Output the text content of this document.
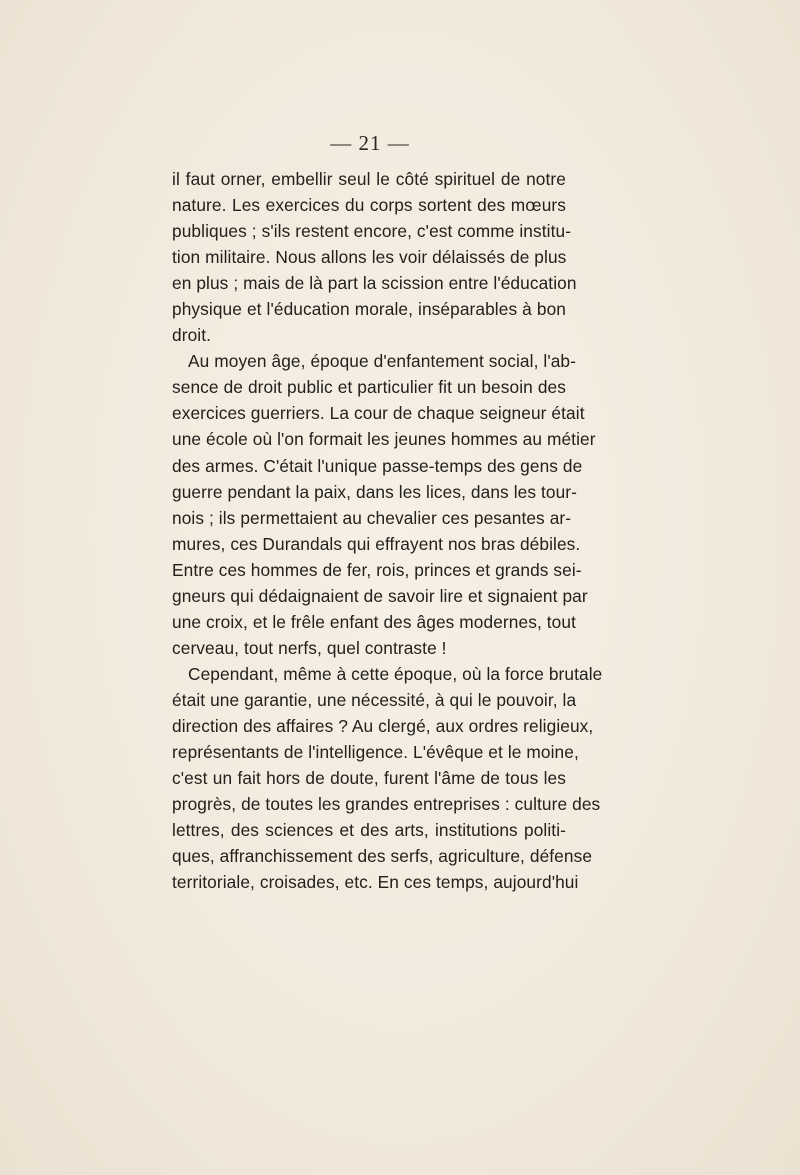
— 21 —
il faut orner, embellir seul le côté spirituel de notre
nature. Les exercices du corps sortent des mœurs
publiques ; s'ils restent encore, c'est comme institu-
tion militaire. Nous allons les voir délaissés de plus
en plus ; mais de là part la scission entre l'éducation
physique et l'éducation morale, inséparables à bon
droit.
Au moyen âge, époque d'enfantement social, l'ab-
sence de droit public et particulier fit un besoin des
exercices guerriers. La cour de chaque seigneur était
une école où l'on formait les jeunes hommes au métier
des armes. C'était l'unique passe-temps des gens de
guerre pendant la paix, dans les lices, dans les tour-
nois ; ils permettaient au chevalier ces pesantes ar-
mures, ces Durandals qui effrayent nos bras débiles.
Entre ces hommes de fer, rois, princes et grands sei-
gneurs qui dédaignaient de savoir lire et signaient par
une croix, et le frêle enfant des âges modernes, tout
cerveau, tout nerfs, quel contraste !
Cependant, même à cette époque, où la force brutale
était une garantie, une nécessité, à qui le pouvoir, la
direction des affaires ? Au clergé, aux ordres religieux,
représentants de l'intelligence. L'évêque et le moine,
c'est un fait hors de doute, furent l'âme de tous les
progrès, de toutes les grandes entreprises : culture des
lettres, des sciences et des arts, institutions politi-
ques, affranchissement des serfs, agriculture, défense
territoriale, croisades, etc. En ces temps, aujourd'hui
